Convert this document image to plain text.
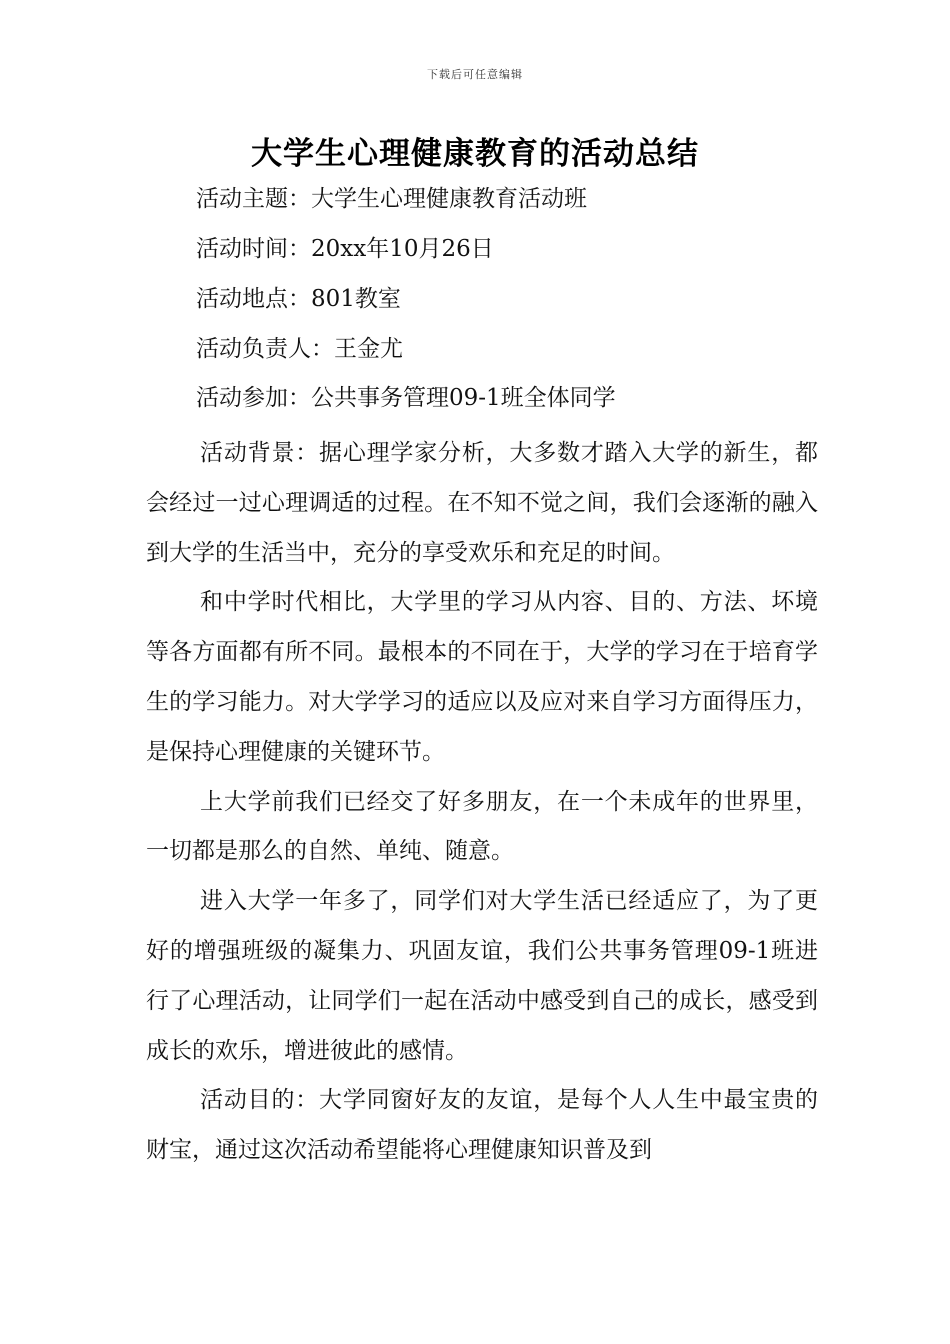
下载后可任意编辑
大学生心理健康教育的活动总结
活动主题：大学生心理健康教育活动班
活动时间：20xx年10月26日
活动地点：801教室
活动负责人：王金尤
活动参加：公共事务管理09-1班全体同学

活动背景：据心理学家分析，大多数才踏入大学的新生，都会经过一过心理调适的过程。在不知不觉之间，我们会逐渐的融入到大学的生活当中，充分的享受欢乐和充足的时间。

和中学时代相比，大学里的学习从内容、目的、方法、坏境等各方面都有所不同。最根本的不同在于，大学的学习在于培育学生的学习能力。对大学学习的适应以及应对来自学习方面得压力，是保持心理健康的关键环节。

上大学前我们已经交了好多朋友，在一个未成年的世界里，一切都是那么的自然、单纯、随意。

进入大学一年多了，同学们对大学生活已经适应了，为了更好的增强班级的凝集力、巩固友谊，我们公共事务管理09-1班进行了心理活动，让同学们一起在活动中感受到自己的成长，感受到成长的欢乐，增进彼此的感情。

活动目的：大学同窗好友的友谊，是每个人人生中最宝贵的财宝，通过这次活动希望能将心理健康知识普及到
